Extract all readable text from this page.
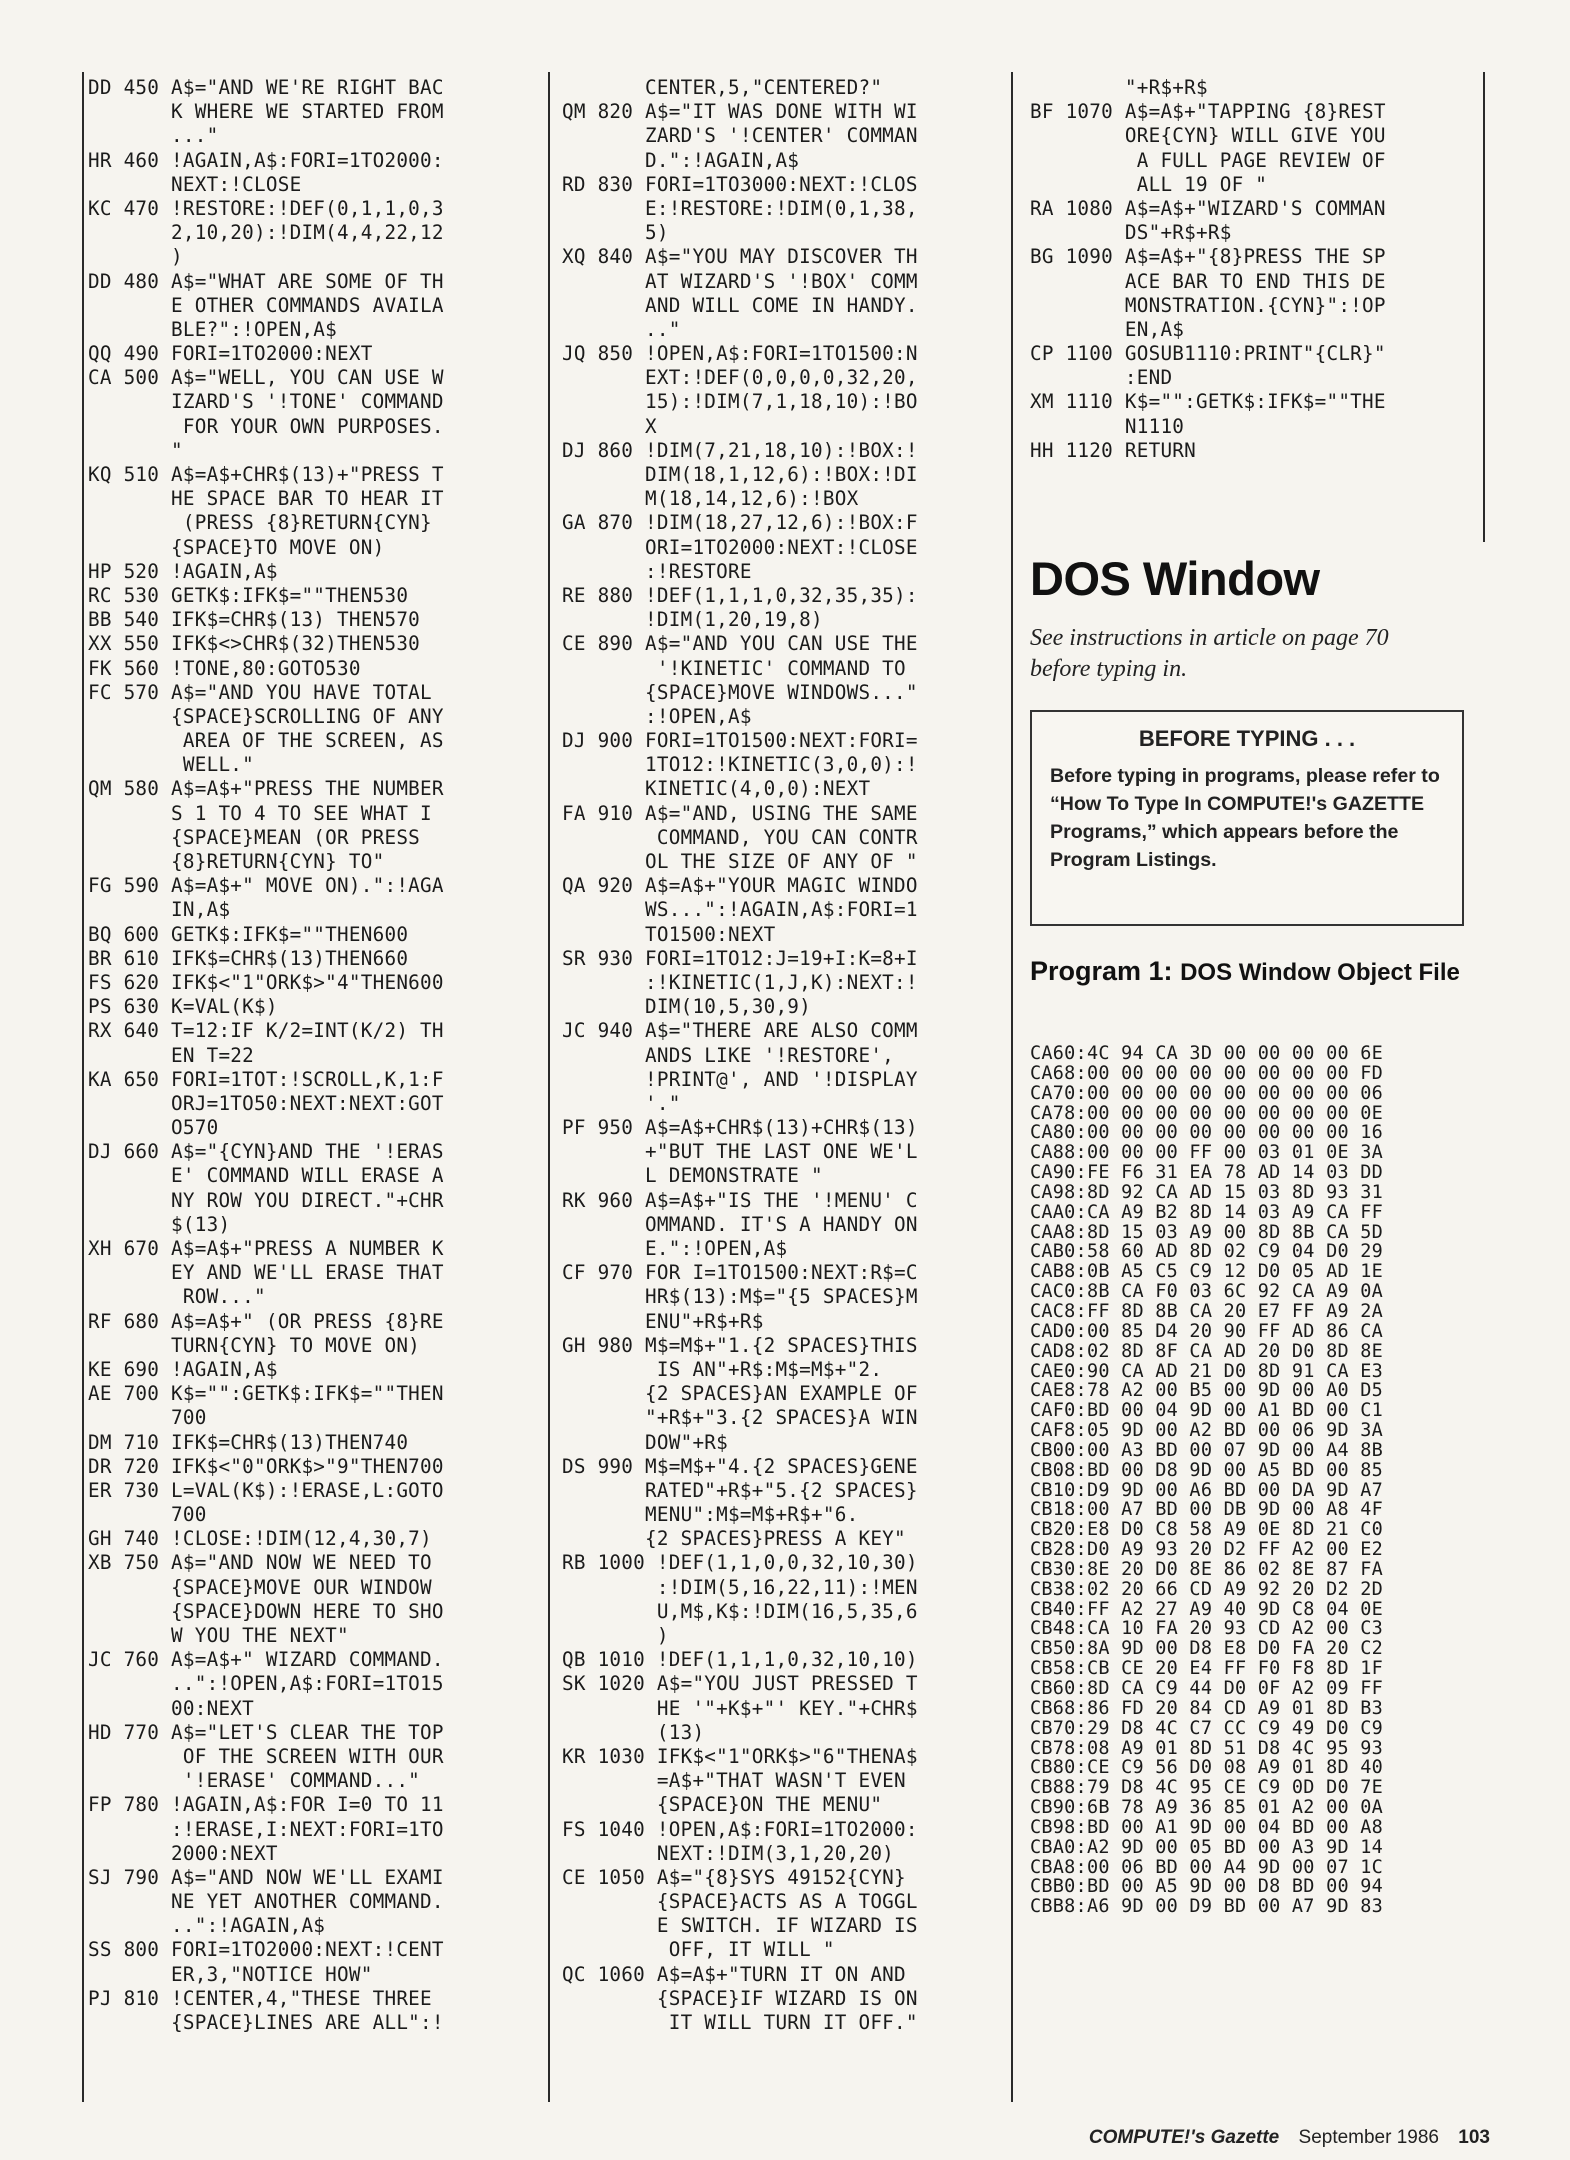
DD 450 A$="AND WE'RE RIGHT BAC
K WHERE WE STARTED FROM
..."
HR 460 !AGAIN,A$:FORI=1TO2000:
NEXT:!CLOSE
KC 470 !RESTORE:!DEF(0,1,1,0,3
2,10,20):!DIM(4,4,22,12
)
DD 480 A$="WHAT ARE SOME OF TH
E OTHER COMMANDS AVAILA
BLE?":!OPEN,A$
QQ 490 FORI=1TO2000:NEXT
CA 500 A$="WELL, YOU CAN USE W
IZARD'S '!TONE' COMMAND
FOR YOUR OWN PURPOSES.
"
KQ 510 A$=A$+CHR$(13)+"PRESS T
HE SPACE BAR TO HEAR IT
(PRESS {8}RETURN{CYN}
{SPACE}TO MOVE ON)
HP 520 !AGAIN,A$
RC 530 GETK$:IFK$=""THEN530
BB 540 IFK$=CHR$(13) THEN570
XX 550 IFK$<>CHR$(32)THEN530
FK 560 !TONE,80:GOTO530
FC 570 A$="AND YOU HAVE TOTAL
{SPACE}SCROLLING OF ANY
AREA OF THE SCREEN, AS
WELL."
QM 580 A$=A$+"PRESS THE NUMBER
S 1 TO 4 TO SEE WHAT I
{SPACE}MEAN (OR PRESS
{8}RETURN{CYN} TO"
FG 590 A$=A$+" MOVE ON).":!AGA
IN,A$
BQ 600 GETK$:IFK$=""THEN600
BR 610 IFK$=CHR$(13)THEN660
FS 620 IFK$<"1"ORK$>"4"THEN600
PS 630 K=VAL(K$)
RX 640 T=12:IF K/2=INT(K/2) TH
EN T=22
KA 650 FORI=1TOT:!SCROLL,K,1:F
ORJ=1TO50:NEXT:NEXT:GOT
O570
DJ 660 A$="{CYN}AND THE '!ERAS
E' COMMAND WILL ERASE A
NY ROW YOU DIRECT."+CHR
$(13)
XH 670 A$=A$+"PRESS A NUMBER K
EY AND WE'LL ERASE THAT
ROW..."
RF 680 A$=A$+" (OR PRESS {8}RE
TURN{CYN} TO MOVE ON)
KE 690 !AGAIN,A$
AE 700 K$="":GETK$:IFK$=""THEN
700
DM 710 IFK$=CHR$(13)THEN740
DR 720 IFK$<"0"ORK$>"9"THEN700
ER 730 L=VAL(K$):!ERASE,L:GOTO
700
GH 740 !CLOSE:!DIM(12,4,30,7)
XB 750 A$="AND NOW WE NEED TO
{SPACE}MOVE OUR WINDOW
{SPACE}DOWN HERE TO SHO
W YOU THE NEXT"
JC 760 A$=A$+" WIZARD COMMAND.
..":!OPEN,A$:FORI=1TO15
00:NEXT
HD 770 A$="LET'S CLEAR THE TOP
OF THE SCREEN WITH OUR
'!ERASE' COMMAND..."
FP 780 !AGAIN,A$:FOR I=0 TO 11
:!ERASE,I:NEXT:FORI=1TO
2000:NEXT
SJ 790 A$="AND NOW WE'LL EXAMI
NE YET ANOTHER COMMAND.
..":!AGAIN,A$
SS 800 FORI=1TO2000:NEXT:!CENT
ER,3,"NOTICE HOW"
PJ 810 !CENTER,4,"THESE THREE
{SPACE}LINES ARE ALL":!
CENTER,5,"CENTERED?"
QM 820 A$="IT WAS DONE WITH WI
ZARD'S '!CENTER' COMMAN
D.":!AGAIN,A$
RD 830 FORI=1TO3000:NEXT:!CLOS
E:!RESTORE:!DIM(0,1,38,
5)
XQ 840 A$="YOU MAY DISCOVER TH
AT WIZARD'S '!BOX' COMM
AND WILL COME IN HANDY.
.."
JQ 850 !OPEN,A$:FORI=1TO1500:N
EXT:!DEF(0,0,0,0,32,20,
15):!DIM(7,1,18,10):!BO
X
DJ 860 !DIM(7,21,18,10):!BOX:!
DIM(18,1,12,6):!BOX:!DI
M(18,14,12,6):!BOX
GA 870 !DIM(18,27,12,6):!BOX:F
ORI=1TO2000:NEXT:!CLOSE
:!RESTORE
RE 880 !DEF(1,1,1,0,32,35,35):
!DIM(1,20,19,8)
CE 890 A$="AND YOU CAN USE THE
'!KINETIC' COMMAND TO
{SPACE}MOVE WINDOWS..."
:!OPEN,A$
DJ 900 FORI=1TO1500:NEXT:FORI=
1TO12:!KINETIC(3,0,0):!
KINETIC(4,0,0):NEXT
FA 910 A$="AND, USING THE SAME
COMMAND, YOU CAN CONTR
OL THE SIZE OF ANY OF "
QA 920 A$=A$+"YOUR MAGIC WINDO
WS...":!AGAIN,A$:FORI=1
TO1500:NEXT
SR 930 FORI=1TO12:J=19+I:K=8+I
:!KINETIC(1,J,K):NEXT:!
DIM(10,5,30,9)
JC 940 A$="THERE ARE ALSO COMM
ANDS LIKE '!RESTORE',
!PRINT@', AND '!DISPLAY
'."
PF 950 A$=A$+CHR$(13)+CHR$(13)
+"BUT THE LAST ONE WE'L
L DEMONSTRATE "
RK 960 A$=A$+"IS THE '!MENU' C
OMMAND. IT'S A HANDY ON
E.":!OPEN,A$
CF 970 FOR I=1TO1500:NEXT:R$=C
HR$(13):M$="{5 SPACES}M
ENU"+R$+R$
GH 980 M$=M$+"1.{2 SPACES}THIS
IS AN"+R$:M$=M$+"2.
{2 SPACES}AN EXAMPLE OF
"+R$+"3.{2 SPACES}A WIN
DOW"+R$
DS 990 M$=M$+"4.{2 SPACES}GENE
RATED"+R$+"5.{2 SPACES}
MENU":M$=M$+R$+"6.
{2 SPACES}PRESS A KEY"
RB 1000 !DEF(1,1,0,0,32,10,30)
:!DIM(5,16,22,11):!MEN
U,M$,K$:!DIM(16,5,35,6
)
QB 1010 !DEF(1,1,1,0,32,10,10)
SK 1020 A$="YOU JUST PRESSED T
HE '"+K$+"' KEY."+CHR$
(13)
KR 1030 IFK$<"1"ORK$>"6"THENA$
=A$+"THAT WASN'T EVEN
{SPACE}ON THE MENU"
FS 1040 !OPEN,A$:FORI=1TO2000:
NEXT:!DIM(3,1,20,20)
CE 1050 A$="{8}SYS 49152{CYN}
{SPACE}ACTS AS A TOGGL
E SWITCH. IF WIZARD IS
OFF, IT WILL "
QC 1060 A$=A$+"TURN IT ON AND
{SPACE}IF WIZARD IS ON
IT WILL TURN IT OFF."
"+R$+R$
BF 1070 A$=A$+"TAPPING {8}REST
ORE{CYN} WILL GIVE YOU
A FULL PAGE REVIEW OF
ALL 19 OF "
RA 1080 A$=A$+"WIZARD'S COMMAN
DS"+R$+R$
BG 1090 A$=A$+"{8}PRESS THE SP
ACE BAR TO END THIS DE
MONSTRATION.{CYN}":!OP
EN,A$
CP 1100 GOSUB1110:PRINT"{CLR}"
:END
XM 1110 K$="":GETK$:IFK$=""THE
N1110
HH 1120 RETURN
DOS Window
See instructions in article on page 70
before typing in.
BEFORE TYPING . . .
Before typing in programs, please refer to “How To Type In COMPUTE!'s GAZETTE Programs,” which appears before the Program Listings.
Program 1: DOS Window Object File
CA60:4C 94 CA 3D 00 00 00 00 6E
CA68:00 00 00 00 00 00 00 00 FD
CA70:00 00 00 00 00 00 00 00 06
CA78:00 00 00 00 00 00 00 00 0E
CA80:00 00 00 00 00 00 00 00 16
CA88:00 00 00 FF 00 03 01 0E 3A
CA90:FE F6 31 EA 78 AD 14 03 DD
CA98:8D 92 CA AD 15 03 8D 93 31
CAA0:CA A9 B2 8D 14 03 A9 CA FF
CAA8:8D 15 03 A9 00 8D 8B CA 5D
CAB0:58 60 AD 8D 02 C9 04 D0 29
CAB8:0B A5 C5 C9 12 D0 05 AD 1E
CAC0:8B CA F0 03 6C 92 CA A9 0A
CAC8:FF 8D 8B CA 20 E7 FF A9 2A
CAD0:00 85 D4 20 90 FF AD 86 CA
CAD8:02 8D 8F CA AD 20 D0 8D 8E
CAE0:90 CA AD 21 D0 8D 91 CA E3
CAE8:78 A2 00 B5 00 9D 00 A0 D5
CAF0:BD 00 04 9D 00 A1 BD 00 C1
CAF8:05 9D 00 A2 BD 00 06 9D 3A
CB00:00 A3 BD 00 07 9D 00 A4 8B
CB08:BD 00 D8 9D 00 A5 BD 00 85
CB10:D9 9D 00 A6 BD 00 DA 9D A7
CB18:00 A7 BD 00 DB 9D 00 A8 4F
CB20:E8 D0 C8 58 A9 0E 8D 21 C0
CB28:D0 A9 93 20 D2 FF A2 00 E2
CB30:8E 20 D0 8E 86 02 8E 87 FA
CB38:02 20 66 CD A9 92 20 D2 2D
CB40:FF A2 27 A9 40 9D C8 04 0E
CB48:CA 10 FA 20 93 CD A2 00 C3
CB50:8A 9D 00 D8 E8 D0 FA 20 C2
CB58:CB CE 20 E4 FF F0 F8 8D 1F
CB60:8D CA C9 44 D0 0F A2 09 FF
CB68:86 FD 20 84 CD A9 01 8D B3
CB70:29 D8 4C C7 CC C9 49 D0 C9
CB78:08 A9 01 8D 51 D8 4C 95 93
CB80:CE C9 56 D0 08 A9 01 8D 40
CB88:79 D8 4C 95 CE C9 0D D0 7E
CB90:6B 78 A9 36 85 01 A2 00 0A
CB98:BD 00 A1 9D 00 04 BD 00 A8
CBA0:A2 9D 00 05 BD 00 A3 9D 14
CBA8:00 06 BD 00 A4 9D 00 07 1C
CBB0:BD 00 A5 9D 00 D8 BD 00 94
CBB8:A6 9D 00 D9 BD 00 A7 9D 83
COMPUTE!'s Gazette September 1986 103
